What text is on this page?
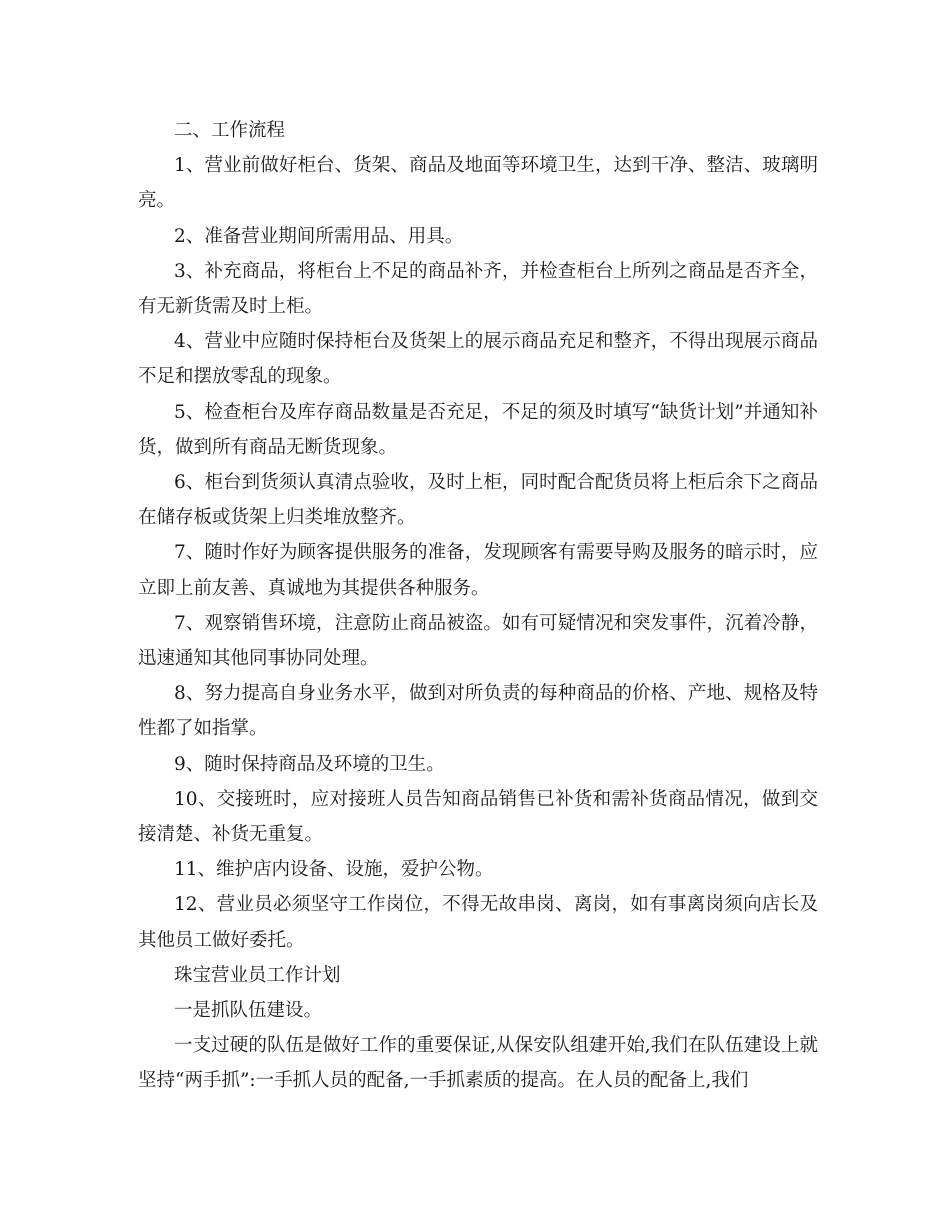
二、工作流程

1、营业前做好柜台、货架、商品及地面等环境卫生，达到干净、整洁、玻璃明亮。

2、准备营业期间所需用品、用具。

3、补充商品，将柜台上不足的商品补齐，并检查柜台上所列之商品是否齐全，有无新货需及时上柜。

4、营业中应随时保持柜台及货架上的展示商品充足和整齐，不得出现展示商品不足和摆放零乱的现象。

5、检查柜台及库存商品数量是否充足，不足的须及时填写“缺货计划”并通知补货，做到所有商品无断货现象。

6、柜台到货须认真清点验收，及时上柜，同时配合配货员将上柜后余下之商品在储存板或货架上归类堆放整齐。

7、随时作好为顾客提供服务的准备，发现顾客有需要导购及服务的暗示时，应立即上前友善、真诚地为其提供各种服务。

7、观察销售环境，注意防止商品被盗。如有可疑情况和突发事件，沉着冷静，迅速通知其他同事协同处理。

8、努力提高自身业务水平，做到对所负责的每种商品的价格、产地、规格及特性都了如指掌。

9、随时保持商品及环境的卫生。

10、交接班时，应对接班人员告知商品销售已补货和需补货商品情况，做到交接清楚、补货无重复。

11、维护店内设备、设施，爱护公物。

12、营业员必须坚守工作岗位，不得无故串岗、离岗，如有事离岗须向店长及其他员工做好委托。

珠宝营业员工作计划

一是抓队伍建设。

一支过硬的队伍是做好工作的重要保证,从保安队组建开始,我们在队伍建设上就坚持“两手抓”:一手抓人员的配备,一手抓素质的提高。在人员的配备上,我们
